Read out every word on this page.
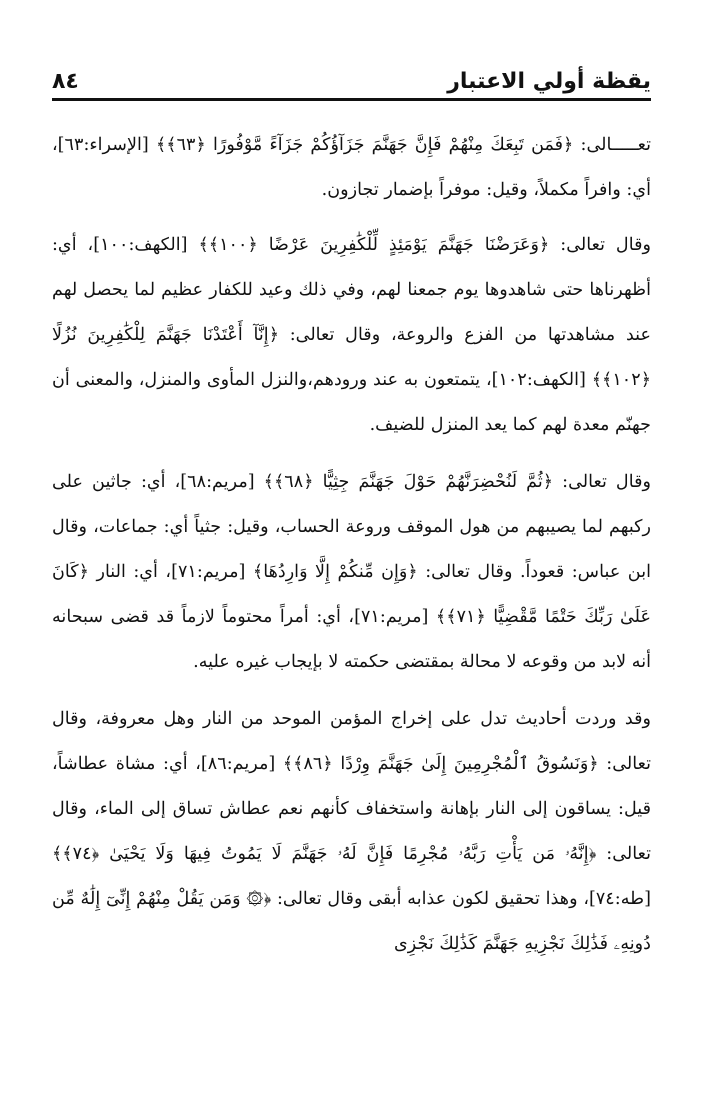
يقظة أولي الاعتبار
٨٤

تعـــــالى: ﴿فَمَن تَبِعَكَ مِنْهُمْ فَإِنَّ جَهَنَّمَ جَزَآؤُكُمْ جَزَآءً مَّوْفُورًا ﴿٦٣﴾﴾ [الإسراء:٦٣]، أي: وافراً مكملاً، وقيل: موفراً بإضمار تجازون.

وقال تعالى: ﴿وَعَرَضْنَا جَهَنَّمَ يَوْمَئِذٍ لِّلْكَٰفِرِينَ عَرْضًا ﴿١٠٠﴾﴾ [الكهف:١٠٠]، أي: أظهرناها حتى شاهدوها يوم جمعنا لهم، وفي ذلك وعيد للكفار عظيم لما يحصل لهم عند مشاهدتها من الفزع والروعة، وقال تعالى: ﴿إِنَّآ أَعْتَدْنَا جَهَنَّمَ لِلْكَٰفِرِينَ نُزُلًا ﴿١٠٢﴾﴾ [الكهف:١٠٢]، يتمتعون به عند ورودهم،والنزل المأوى والمنزل، والمعنى أن جهنّم معدة لهم كما يعد المنزل للضيف.

وقال تعالى: ﴿ثُمَّ لَنُحْضِرَنَّهُمْ حَوْلَ جَهَنَّمَ جِثِيًّا ﴿٦٨﴾﴾ [مريم:٦٨]، أي: جاثين على ركبهم لما يصيبهم من هول الموقف وروعة الحساب، وقيل: جثياً أي: جماعات، وقال ابن عباس: قعوداً. وقال تعالى: ﴿وَإِن مِّنكُمْ إِلَّا وَارِدُهَا﴾ [مريم:٧١]، أي: النار ﴿كَانَ عَلَىٰ رَبِّكَ حَتْمًا مَّقْضِيًّا ﴿٧١﴾﴾ [مريم:٧١]، أي: أمراً محتوماً لازماً قد قضى سبحانه أنه لابد من وقوعه لا محالة بمقتضى حكمته لا بإيجاب غيره عليه.

وقد وردت أحاديث تدل على إخراج المؤمن الموحد من النار وهل معروفة، وقال تعالى: ﴿وَنَسُوقُ ٱلْمُجْرِمِينَ إِلَىٰ جَهَنَّمَ وِرْدًا ﴿٨٦﴾﴾ [مريم:٨٦]، أي: مشاة عطاشاً، قيل: يساقون إلى النار بإهانة واستخفاف كأنهم نعم عطاش تساق إلى الماء، وقال تعالى: ﴿إِنَّهُۥ مَن يَأْتِ رَبَّهُۥ مُجْرِمًا فَإِنَّ لَهُۥ جَهَنَّمَ لَا يَمُوتُ فِيهَا وَلَا يَحْيَىٰ ﴿٧٤﴾﴾ [طه:٧٤]، وهذا تحقيق لكون عذابه أبقى وقال تعالى: ﴿۞ وَمَن يَقُلْ مِنْهُمْ إِنِّىٓ إِلَٰهٌ مِّن دُونِهِۦ فَذَٰلِكَ نَجْزِيهِ جَهَنَّمَ كَذَٰلِكَ نَجْزِى
